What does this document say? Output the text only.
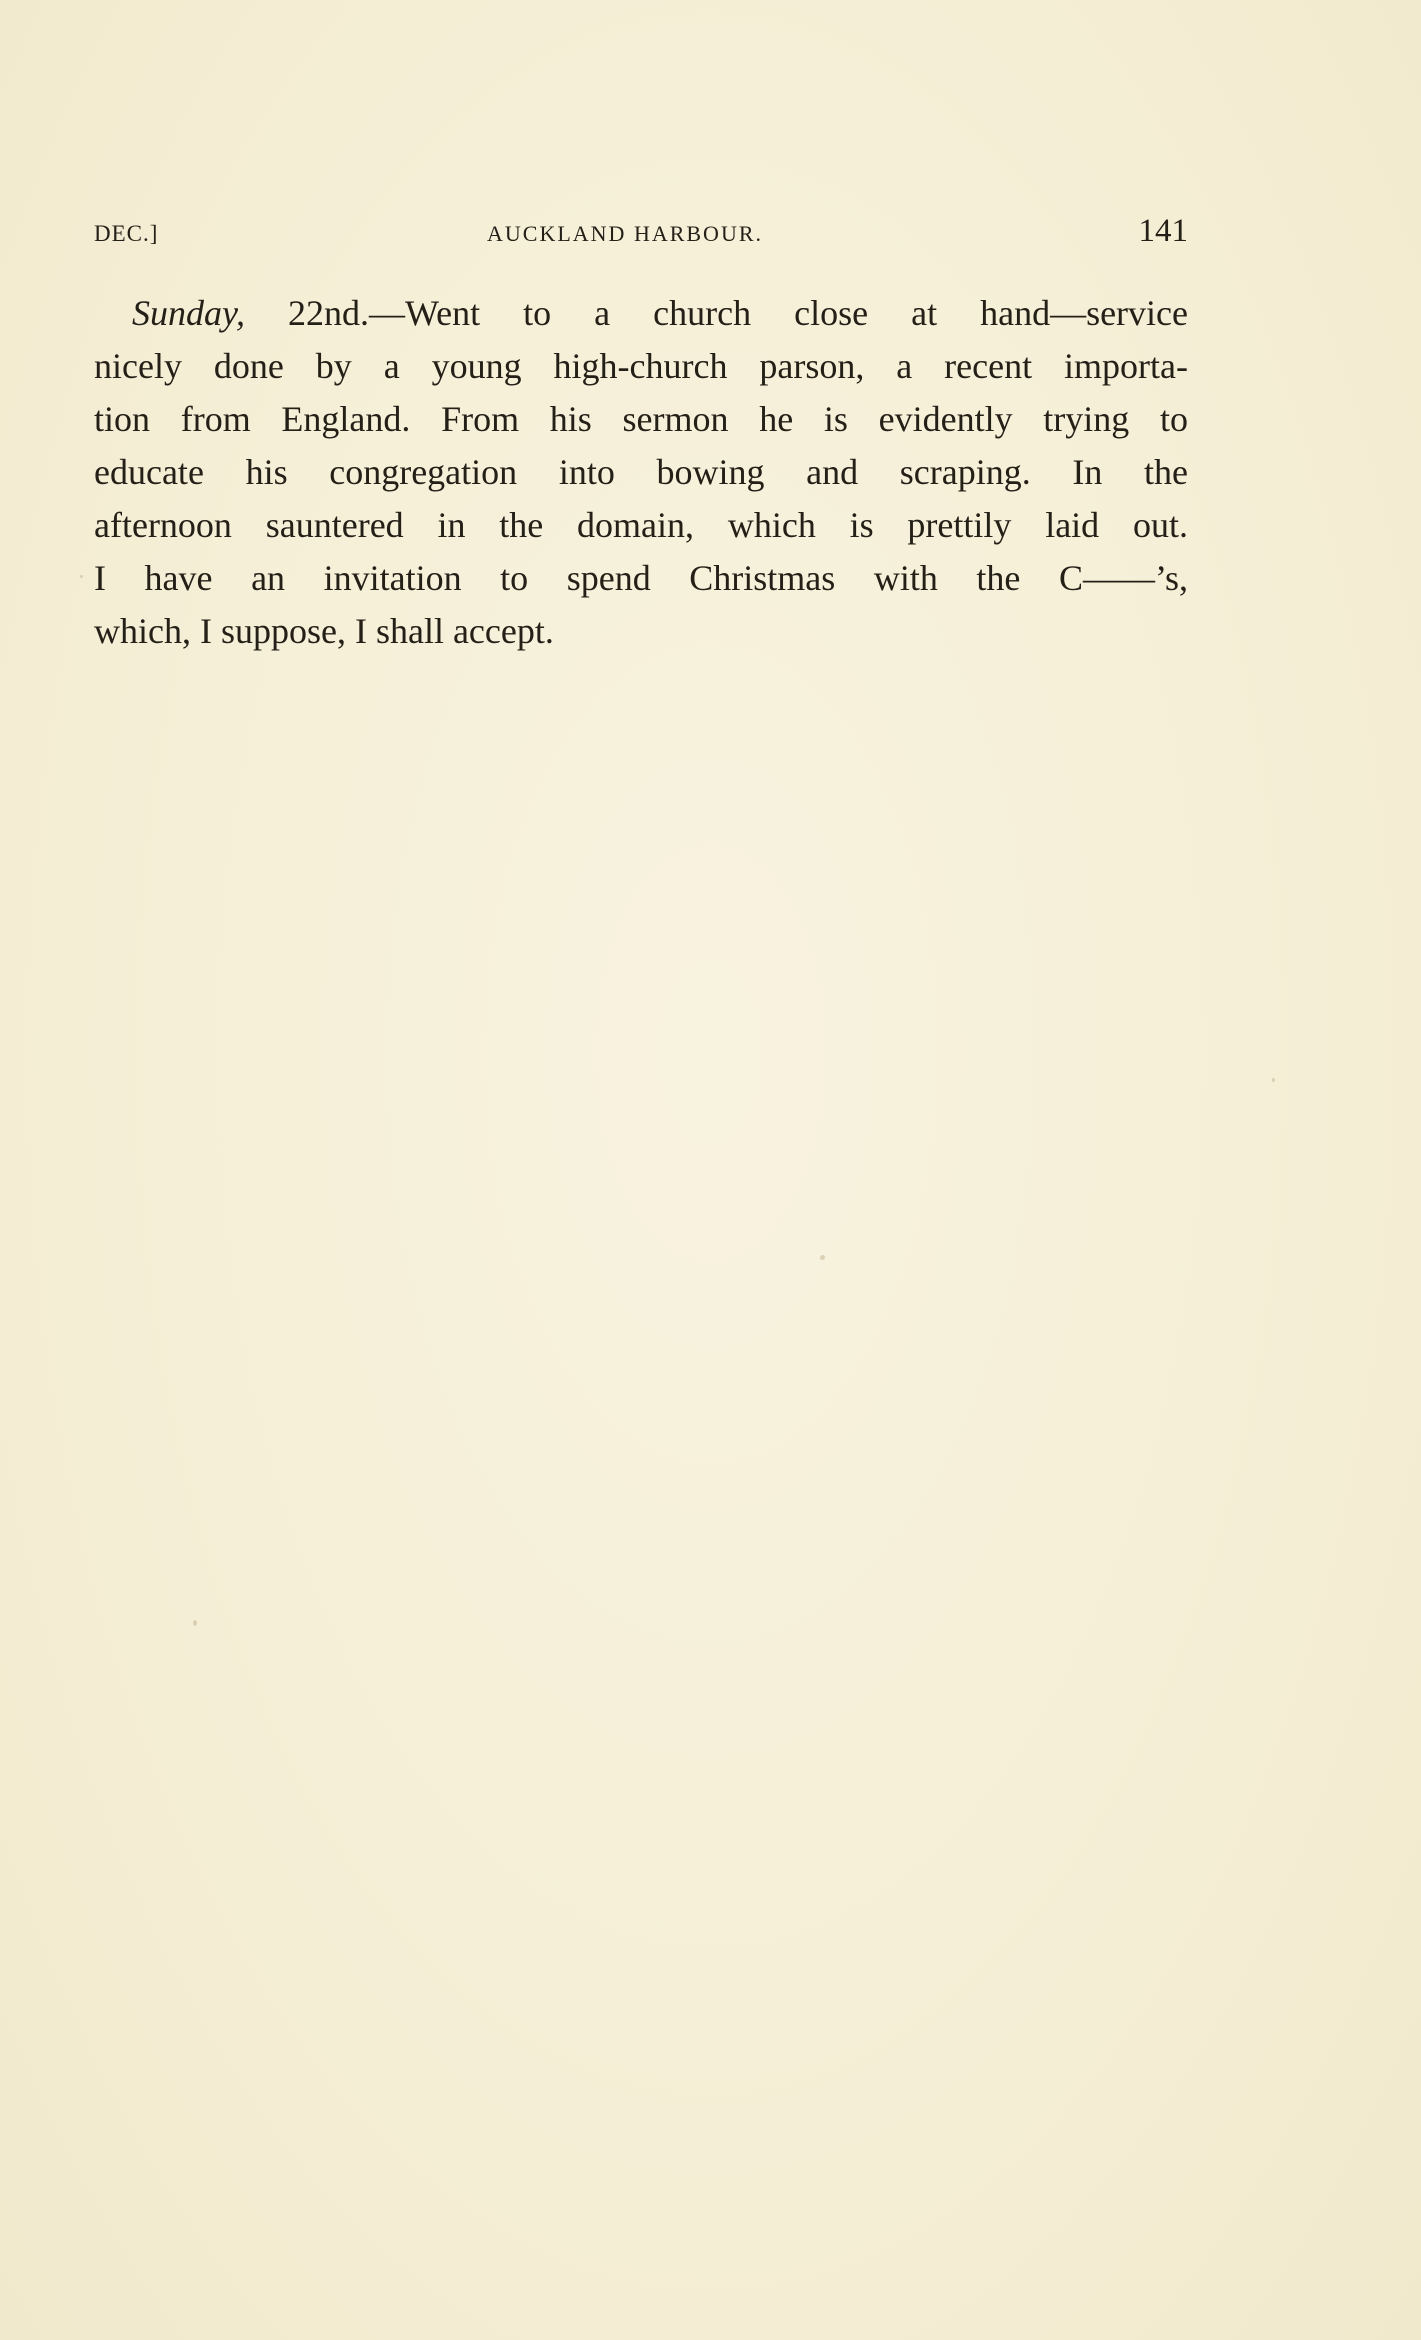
DEC.]	AUCKLAND HARBOUR.	141
Sunday, 22nd.—Went to a church close at hand—service
nicely done by a young high-church parson, a recent importa-
tion from England. From his sermon he is evidently trying to
educate his congregation into bowing and scraping. In the
afternoon sauntered in the domain, which is prettily laid out.
I have an invitation to spend Christmas with the C——’s,
which, I suppose, I shall accept.
